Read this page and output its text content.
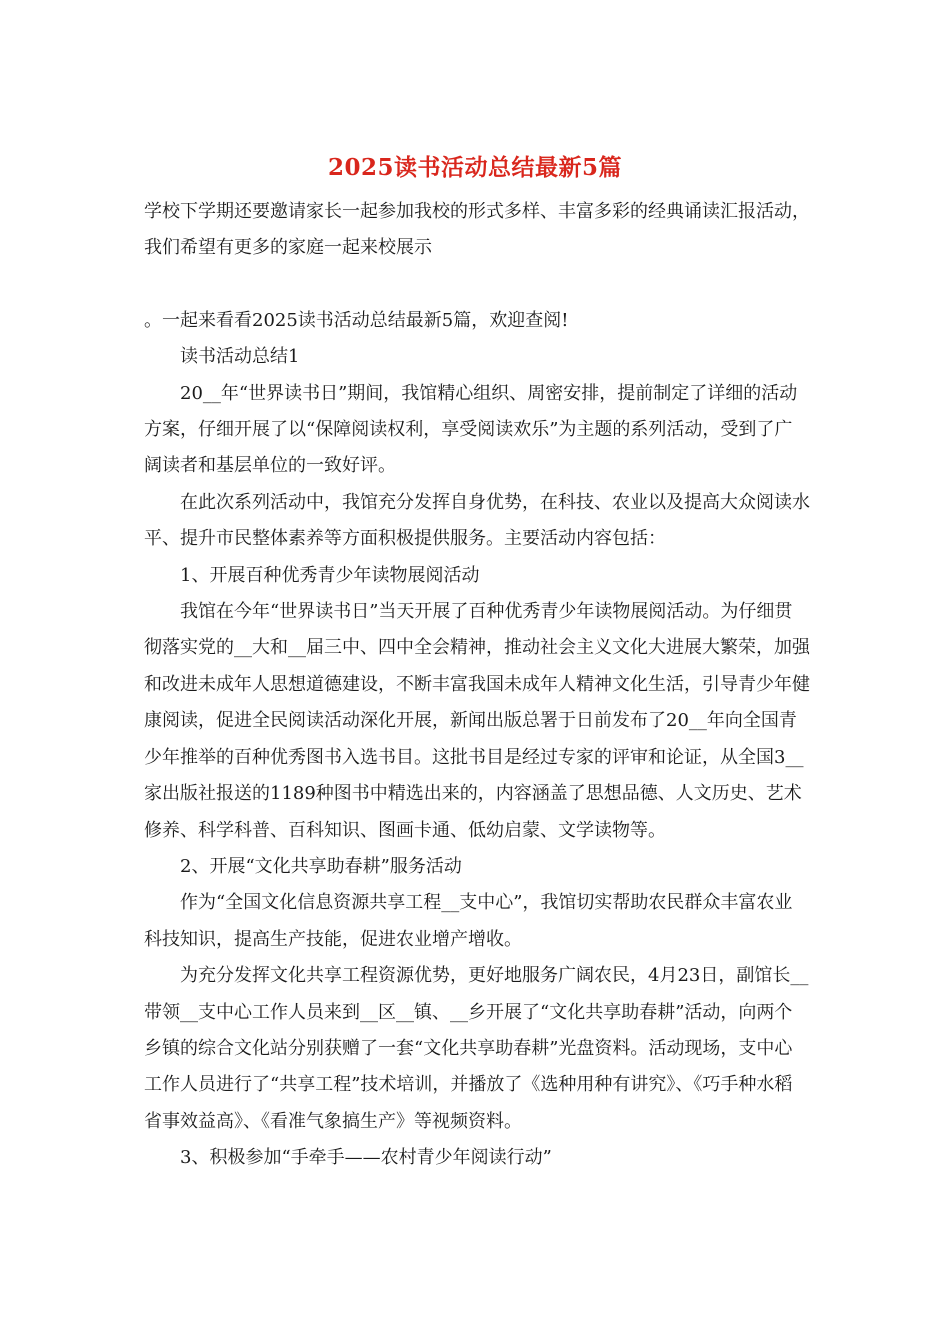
2025读书活动总结最新5篇

学校下学期还要邀请家长一起参加我校的形式多样、丰富多彩的经典诵读汇报活动，我们希望有更多的家庭一起来校展示

。一起来看看2025读书活动总结最新5篇，欢迎查阅!

读书活动总结1

20__年“世界读书日”期间，我馆精心组织、周密安排，提前制定了详细的活动方案，仔细开展了以“保障阅读权利，享受阅读欢乐”为主题的系列活动，受到了广阔读者和基层单位的一致好评。

在此次系列活动中，我馆充分发挥自身优势，在科技、农业以及提高大众阅读水平、提升市民整体素养等方面积极提供服务。主要活动内容包括：

1、开展百种优秀青少年读物展阅活动

我馆在今年“世界读书日”当天开展了百种优秀青少年读物展阅活动。为仔细贯彻落实党的__大和__届三中、四中全会精神，推动社会主义文化大进展大繁荣，加强和改进未成年人思想道德建设，不断丰富我国未成年人精神文化生活，引导青少年健康阅读，促进全民阅读活动深化开展，新闻出版总署于日前发布了20__年向全国青少年推举的百种优秀图书入选书目。这批书目是经过专家的评审和论证，从全国3__家出版社报送的1189种图书中精选出来的，内容涵盖了思想品德、人文历史、艺术修养、科学科普、百科知识、图画卡通、低幼启蒙、文学读物等。

2、开展“文化共享助春耕”服务活动

作为“全国文化信息资源共享工程__支中心”，我馆切实帮助农民群众丰富农业科技知识，提高生产技能，促进农业增产增收。

为充分发挥文化共享工程资源优势，更好地服务广阔农民，4月23日，副馆长__带领__支中心工作人员来到__区__镇、__乡开展了“文化共享助春耕”活动，向两个乡镇的综合文化站分别获赠了一套“文化共享助春耕”光盘资料。活动现场，支中心工作人员进行了“共享工程”技术培训，并播放了《选种用种有讲究》、《巧手种水稻省事效益高》、《看准气象搞生产》等视频资料。

3、积极参加“手牵手——农村青少年阅读行动”
